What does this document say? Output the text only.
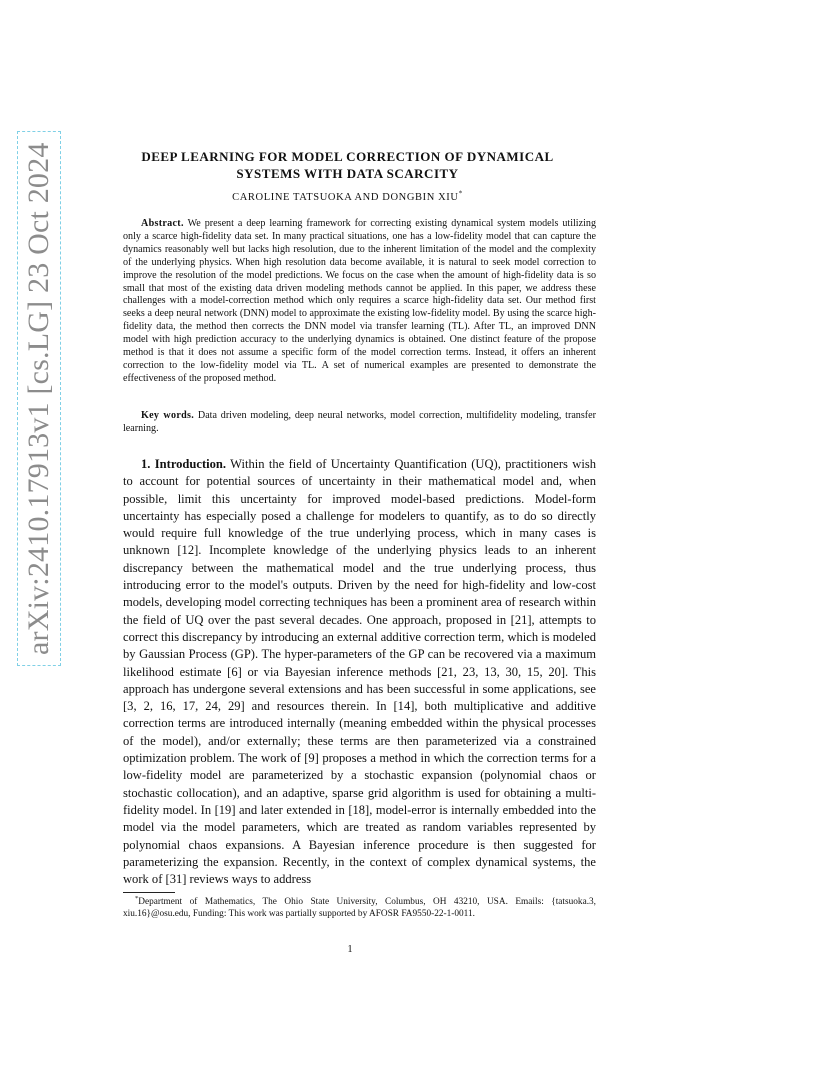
arXiv:2410.17913v1 [cs.LG] 23 Oct 2024	DEEP LEARNING FOR MODEL CORRECTION OF DYNAMICAL
SYSTEMS WITH DATA SCARCITY
CAROLINE TATSUOKA AND DONGBIN XIU*

Abstract. We present a deep learning framework for correcting existing dynamical system models utilizing only a scarce high-fidelity data set. In many practical situations, one has a low-fidelity model that can capture the dynamics reasonably well but lacks high resolution, due to the inherent limitation of the model and the complexity of the underlying physics. When high resolution data become available, it is natural to seek model correction to improve the resolution of the model predictions. We focus on the case when the amount of high-fidelity data is so small that most of the existing data driven modeling methods cannot be applied. In this paper, we address these challenges with a model-correction method which only requires a scarce high-fidelity data set. Our method first seeks a deep neural network (DNN) model to approximate the existing low-fidelity model. By using the scarce high-fidelity data, the method then corrects the DNN model via transfer learning (TL). After TL, an improved DNN model with high prediction accuracy to the underlying dynamics is obtained. One distinct feature of the propose method is that it does not assume a specific form of the model correction terms. Instead, it offers an inherent correction to the low-fidelity model via TL. A set of numerical examples are presented to demonstrate the effectiveness of the proposed method.

Key words. Data driven modeling, deep neural networks, model correction, multifidelity modeling, transfer learning.

1. Introduction. Within the field of Uncertainty Quantification (UQ), practitioners wish to account for potential sources of uncertainty in their mathematical model and, when possible, limit this uncertainty for improved model-based predictions. Model-form uncertainty has especially posed a challenge for modelers to quantify, as to do so directly would require full knowledge of the true underlying process, which in many cases is unknown [12]. Incomplete knowledge of the underlying physics leads to an inherent discrepancy between the mathematical model and the true underlying process, thus introducing error to the model's outputs. Driven by the need for high-fidelity and low-cost models, developing model correcting techniques has been a prominent area of research within the field of UQ over the past several decades. One approach, proposed in [21], attempts to correct this discrepancy by introducing an external additive correction term, which is modeled by Gaussian Process (GP). The hyper-parameters of the GP can be recovered via a maximum likelihood estimate [6] or via Bayesian inference methods [21, 23, 13, 30, 15, 20]. This approach has undergone several extensions and has been successful in some applications, see [3, 2, 16, 17, 24, 29] and resources therein. In [14], both multiplicative and additive correction terms are introduced internally (meaning embedded within the physical processes of the model), and/or externally; these terms are then parameterized via a constrained optimization problem. The work of [9] proposes a method in which the correction terms for a low-fidelity model are parameterized by a stochastic expansion (polynomial chaos or stochastic collocation), and an adaptive, sparse grid algorithm is used for obtaining a multi-fidelity model. In [19] and later extended in [18], model-error is internally embedded into the model via the model parameters, which are treated as random variables represented by polynomial chaos expansions. A Bayesian inference procedure is then suggested for parameterizing the expansion. Recently, in the context of complex dynamical systems, the work of [31] reviews ways to address

*Department of Mathematics, The Ohio State University, Columbus, OH 43210, USA. Emails: {tatsuoka.3, xiu.16}@osu.edu, Funding: This work was partially supported by AFOSR FA9550-22-1-0011.

1
